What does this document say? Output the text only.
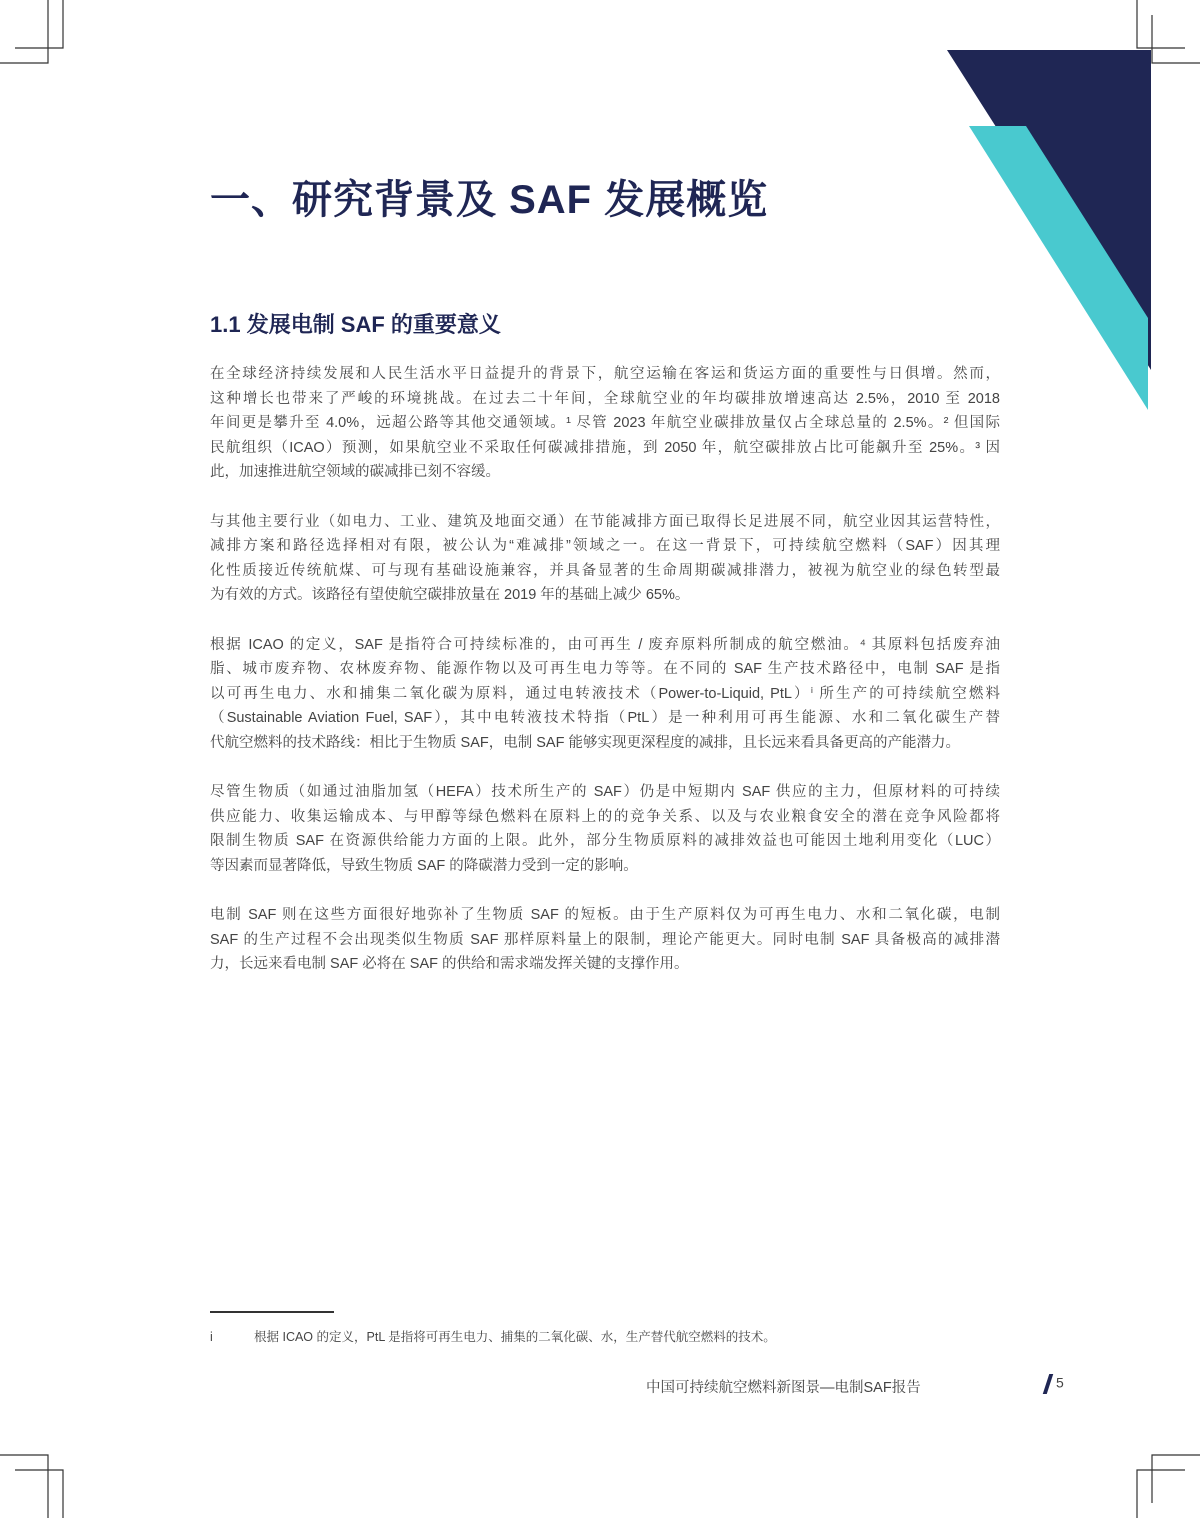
一、研究背景及 SAF 发展概览
1.1 发展电制 SAF 的重要意义
在全球经济持续发展和人民生活水平日益提升的背景下，航空运输在客运和货运方面的重要性与日俱增。然而，
这种增长也带来了严峻的环境挑战。在过去二十年间，全球航空业的年均碳排放增速高达 2.5%，2010 至 2018
年间更是攀升至 4.0%，远超公路等其他交通领域。¹ 尽管 2023 年航空业碳排放量仅占全球总量的 2.5%。² 但国际
民航组织（ICAO）预测，如果航空业不采取任何碳减排措施，到 2050 年，航空碳排放占比可能飙升至 25%。³ 因
此，加速推进航空领域的碳减排已刻不容缓。
与其他主要行业（如电力、工业、建筑及地面交通）在节能减排方面已取得长足进展不同，航空业因其运营特性，
减排方案和路径选择相对有限，被公认为“难减排”领域之一。在这一背景下，可持续航空燃料（SAF）因其理
化性质接近传统航煤、可与现有基础设施兼容，并具备显著的生命周期碳减排潜力，被视为航空业的绿色转型最
为有效的方式。该路径有望使航空碳排放量在 2019 年的基础上减少 65%。
根据 ICAO 的定义，SAF 是指符合可持续标准的，由可再生 / 废弃原料所制成的航空燃油。⁴ 其原料包括废弃油
脂、城市废弃物、农林废弃物、能源作物以及可再生电力等等。在不同的 SAF 生产技术路径中，电制 SAF 是指
以可再生电力、水和捕集二氧化碳为原料，通过电转液技术（Power-to-Liquid, PtL）ⁱ 所生产的可持续航空燃料
（Sustainable Aviation Fuel, SAF），其中电转液技术特指（PtL）是一种利用可再生能源、水和二氧化碳生产替
代航空燃料的技术路线：相比于生物质 SAF，电制 SAF 能够实现更深程度的减排，且长远来看具备更高的产能潜力。
尽管生物质（如通过油脂加氢（HEFA）技术所生产的 SAF）仍是中短期内 SAF 供应的主力，但原材料的可持续
供应能力、收集运输成本、与甲醇等绿色燃料在原料上的的竞争关系、以及与农业粮食安全的潜在竞争风险都将
限制生物质 SAF 在资源供给能力方面的上限。此外，部分生物质原料的减排效益也可能因土地利用变化（LUC）
等因素而显著降低，导致生物质 SAF 的降碳潜力受到一定的影响。
电制 SAF 则在这些方面很好地弥补了生物质 SAF 的短板。由于生产原料仅为可再生电力、水和二氧化碳，电制
SAF 的生产过程不会出现类似生物质 SAF 那样原料量上的限制，理论产能更大。同时电制 SAF 具备极高的减排潜
力，长远来看电制 SAF 必将在 SAF 的供给和需求端发挥关键的支撑作用。
i	根据 ICAO 的定义，PtL 是指将可再生电力、捕集的二氧化碳、水，生产替代航空燃料的技术。
中国可持续航空燃料新图景—电制SAF报告	5
